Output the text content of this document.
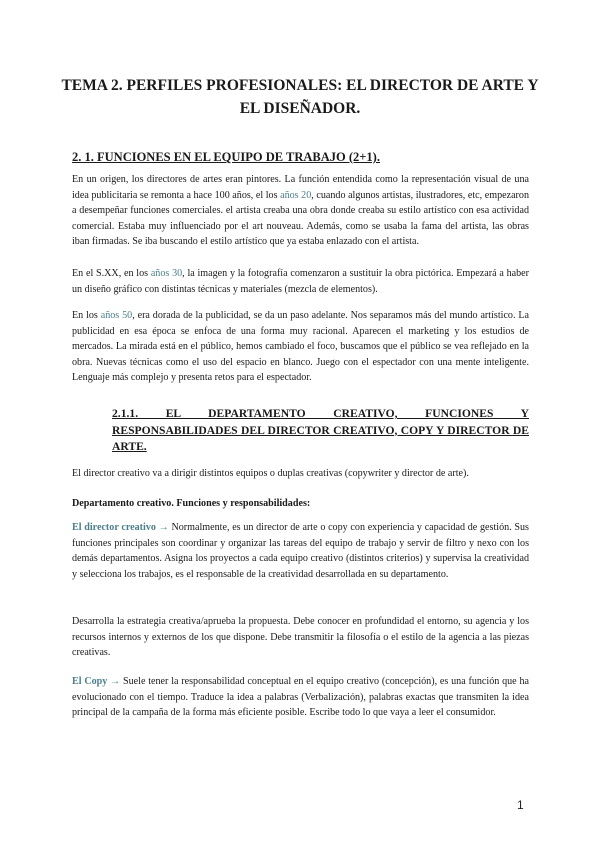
TEMA 2. PERFILES PROFESIONALES: EL DIRECTOR DE ARTE Y
EL DISEÑADOR.
2. 1. FUNCIONES EN EL EQUIPO DE TRABAJO (2+1).

En un origen, los directores de artes eran pintores. La función entendida como la representación visual de una idea publicitaria se remonta a hace 100 años, el los años 20, cuando algunos artistas, ilustradores, etc, empezaron a desempeñar funciones comerciales. el artista creaba una obra donde creaba su estilo artístico con esa actividad comercial. Estaba muy influenciado por el art nouveau. Además, como se usaba la fama del artista, las obras iban firmadas. Se iba buscando el estilo artístico que ya estaba enlazado con el artista.

En el S.XX, en los años 30, la imagen y la fotografía comenzaron a sustituir la obra pictórica. Empezará a haber un diseño gráfico con distintas técnicas y materiales (mezcla de elementos).

En los años 50, era dorada de la publicidad, se da un paso adelante. Nos separamos más del mundo artístico. La publicidad en esa época se enfoca de una forma muy racional. Aparecen el marketing y los estudios de mercados. La mirada está en el público, hemos cambiado el foco, buscamos que el público se vea reflejado en la obra. Nuevas técnicas como el uso del espacio en blanco. Juego con el espectador con una mente inteligente. Lenguaje más complejo y presenta retos para el espectador.

2.1.1. EL DEPARTAMENTO CREATIVO, FUNCIONES Y RESPONSABILIDADES DEL DIRECTOR CREATIVO, COPY Y DIRECTOR DE ARTE.

El director creativo va a dirigir distintos equipos o duplas creativas (copywriter y director de arte).

Departamento creativo. Funciones y responsabilidades:

El director creativo → Normalmente, es un director de arte o copy con experiencia y capacidad de gestión. Sus funciones principales son coordinar y organizar las tareas del equipo de trabajo y servir de filtro y nexo con los demás departamentos. Asigna los proyectos a cada equipo creativo (distintos criterios) y supervisa la creatividad y selecciona los trabajos, es el responsable de la creatividad desarrollada en su departamento.

Desarrolla la estrategia creativa/aprueba la propuesta. Debe conocer en profundidad el entorno, su agencia y los recursos internos y externos de los que dispone. Debe transmitir la filosofía o el estilo de la agencia a las piezas creativas.

El Copy → Suele tener la responsabilidad conceptual en el equipo creativo (concepción), es una función que ha evolucionado con el tiempo. Traduce la idea a palabras (Verbalización), palabras exactas que transmiten la idea principal de la campaña de la forma más eficiente posible. Escribe todo lo que vaya a leer el consumidor.

1
